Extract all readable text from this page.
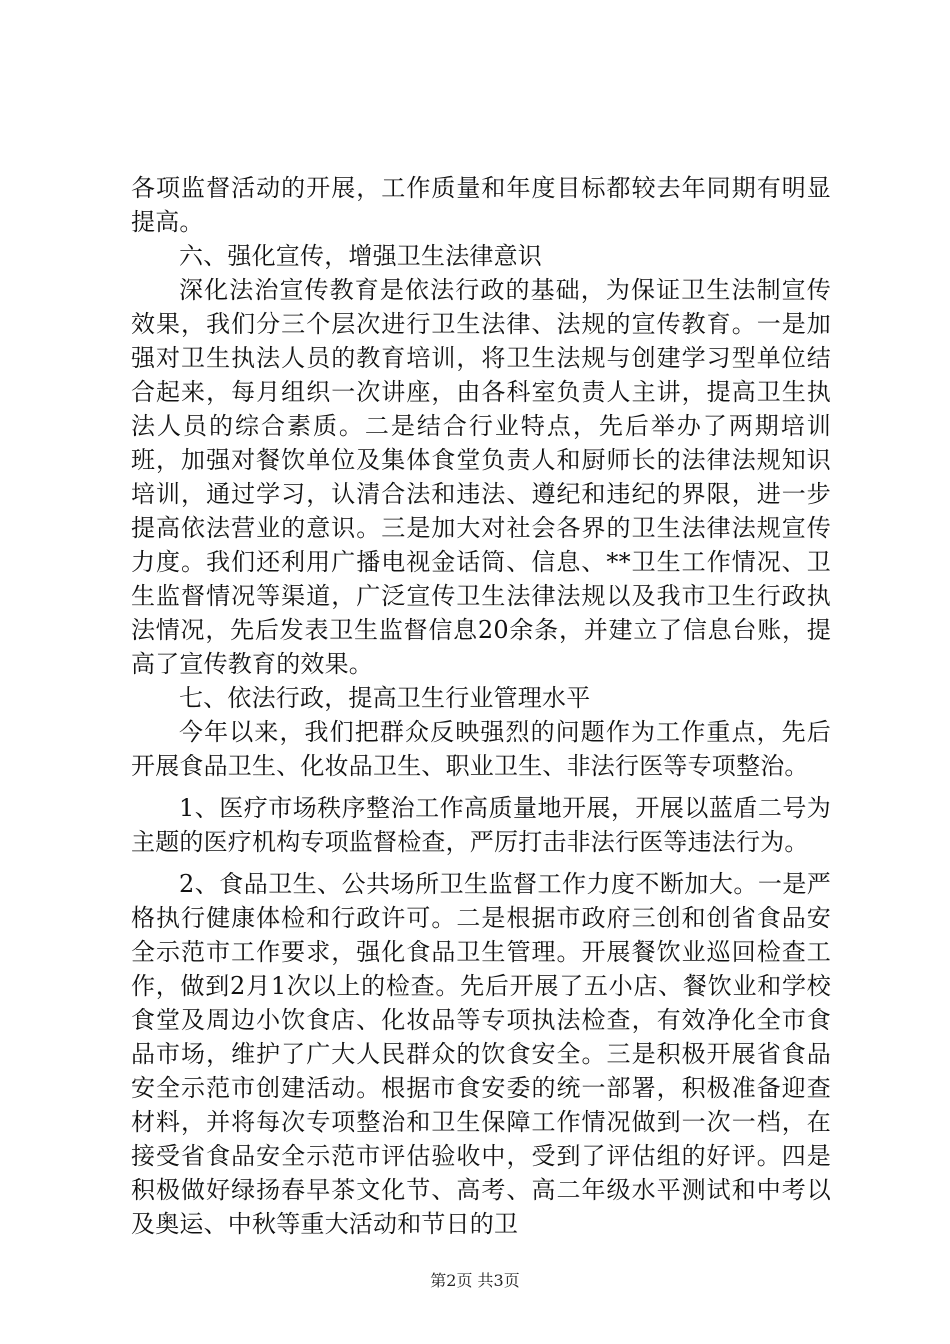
各项监督活动的开展，工作质量和年度目标都较去年同期有明显提高。

六、强化宣传，增强卫生法律意识

深化法治宣传教育是依法行政的基础，为保证卫生法制宣传效果，我们分三个层次进行卫生法律、法规的宣传教育。一是加强对卫生执法人员的教育培训，将卫生法规与创建学习型单位结合起来，每月组织一次讲座，由各科室负责人主讲，提高卫生执法人员的综合素质。二是结合行业特点，先后举办了两期培训班，加强对餐饮单位及集体食堂负责人和厨师长的法律法规知识培训，通过学习，认清合法和违法、遵纪和违纪的界限，进一步提高依法营业的意识。三是加大对社会各界的卫生法律法规宣传力度。我们还利用广播电视金话筒、信息、**卫生工作情况、卫生监督情况等渠道，广泛宣传卫生法律法规以及我市卫生行政执法情况，先后发表卫生监督信息20余条，并建立了信息台账，提高了宣传教育的效果。

七、依法行政，提高卫生行业管理水平

今年以来，我们把群众反映强烈的问题作为工作重点，先后开展食品卫生、化妆品卫生、职业卫生、非法行医等专项整治。

1、医疗市场秩序整治工作高质量地开展，开展以蓝盾二号为主题的医疗机构专项监督检查，严厉打击非法行医等违法行为。

2、食品卫生、公共场所卫生监督工作力度不断加大。一是严格执行健康体检和行政许可。二是根据市政府三创和创省食品安全示范市工作要求，强化食品卫生管理。开展餐饮业巡回检查工作，做到2月1次以上的检查。先后开展了五小店、餐饮业和学校食堂及周边小饮食店、化妆品等专项执法检查，有效净化全市食品市场，维护了广大人民群众的饮食安全。三是积极开展省食品安全示范市创建活动。根据市食安委的统一部署，积极准备迎查材料，并将每次专项整治和卫生保障工作情况做到一次一档，在接受省食品安全示范市评估验收中，受到了评估组的好评。四是积极做好绿扬春早茶文化节、高考、高二年级水平测试和中考以及奥运、中秋等重大活动和节日的卫

第2页 共3页
